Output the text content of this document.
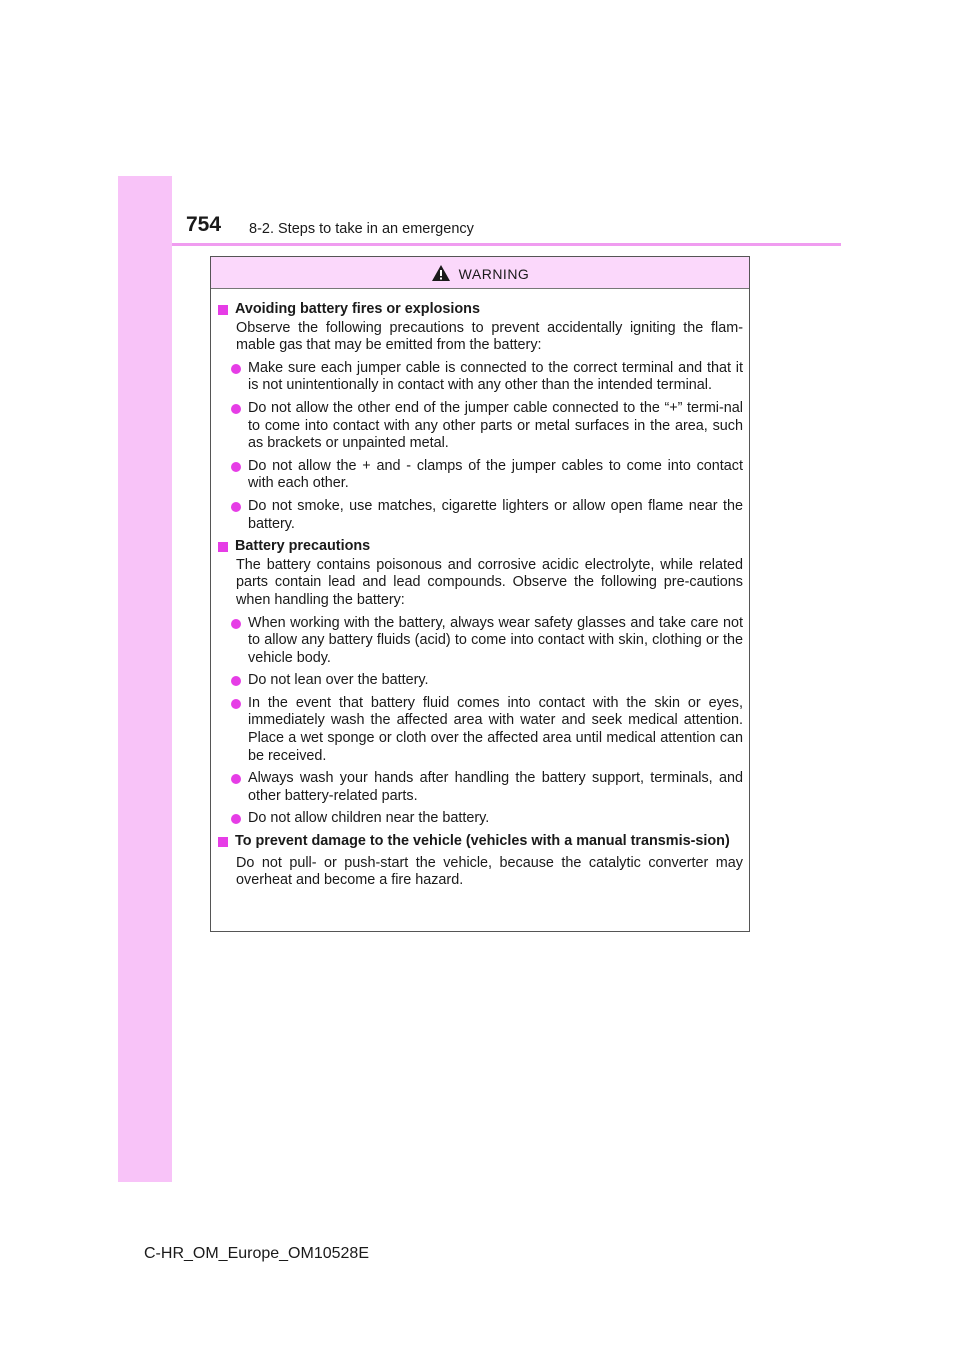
754 8-2. Steps to take in an emergency
WARNING
Avoiding battery fires or explosions
Observe the following precautions to prevent accidentally igniting the flam-mable gas that may be emitted from the battery:
Make sure each jumper cable is connected to the correct terminal and that it is not unintentionally in contact with any other than the intended terminal.
Do not allow the other end of the jumper cable connected to the “+” termi-nal to come into contact with any other parts or metal surfaces in the area, such as brackets or unpainted metal.
Do not allow the + and - clamps of the jumper cables to come into contact with each other.
Do not smoke, use matches, cigarette lighters or allow open flame near the battery.
Battery precautions
The battery contains poisonous and corrosive acidic electrolyte, while related parts contain lead and lead compounds. Observe the following pre-cautions when handling the battery:
When working with the battery, always wear safety glasses and take care not to allow any battery fluids (acid) to come into contact with skin, clothing or the vehicle body.
Do not lean over the battery.
In the event that battery fluid comes into contact with the skin or eyes, immediately wash the affected area with water and seek medical attention. Place a wet sponge or cloth over the affected area until medical attention can be received.
Always wash your hands after handling the battery support, terminals, and other battery-related parts.
Do not allow children near the battery.
To prevent damage to the vehicle (vehicles with a manual transmis-sion)
Do not pull- or push-start the vehicle, because the catalytic converter may overheat and become a fire hazard.
C-HR_OM_Europe_OM10528E
